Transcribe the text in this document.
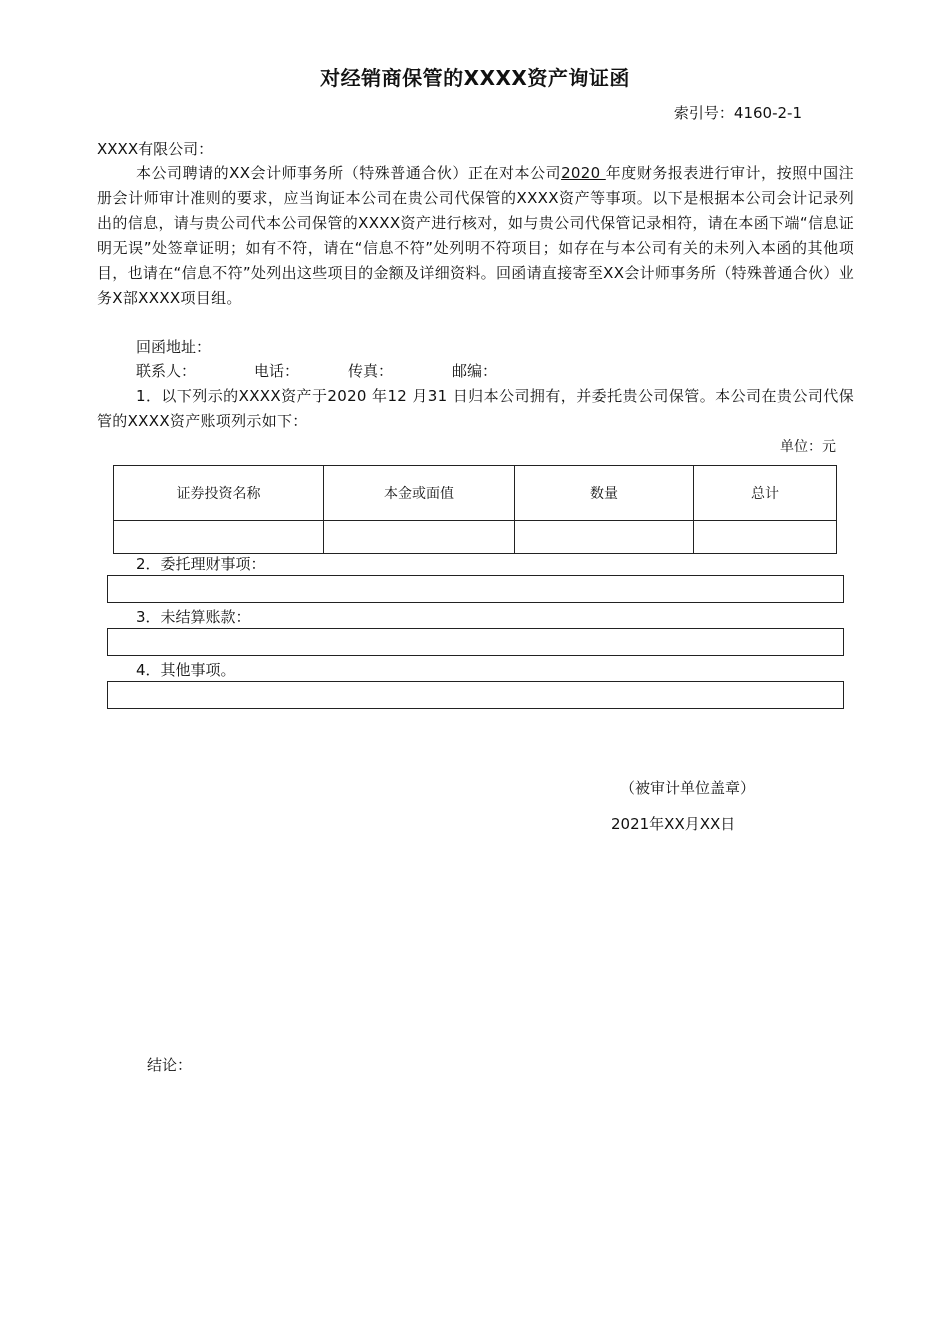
对经销商保管的XXXX资产询证函
索引号：4160-2-1
XXXX有限公司：
本公司聘请的XX会计师事务所（特殊普通合伙）正在对本公司2020 年度财务报表进行审计，按照中国注册会计师审计准则的要求，应当询证本公司在贵公司代保管的XXXX资产等事项。以下是根据本公司会计记录列出的信息，请与贵公司代本公司保管的XXXX资产进行核对，如与贵公司代保管记录相符，请在本函下端“信息证明无误”处签章证明；如有不符，请在“信息不符”处列明不符项目；如存在与本公司有关的未列入本函的其他项目，也请在“信息不符”处列出这些项目的金额及详细资料。回函请直接寄至XX会计师事务所（特殊普通合伙）业务X部XXXX项目组。
回函地址：
联系人：	电话：	传真：	邮编：
1．以下列示的XXXX资产于2020 年12 月31 日归本公司拥有，并委托贵公司保管。本公司在贵公司代保管的XXXX资产账项列示如下：
单位：元
证券投资名称	本金或面值	数量	总计

2．委托理财事项：
3．未结算账款：
4．其他事项。
（被审计单位盖章）
2021年XX月XX日
结论：
